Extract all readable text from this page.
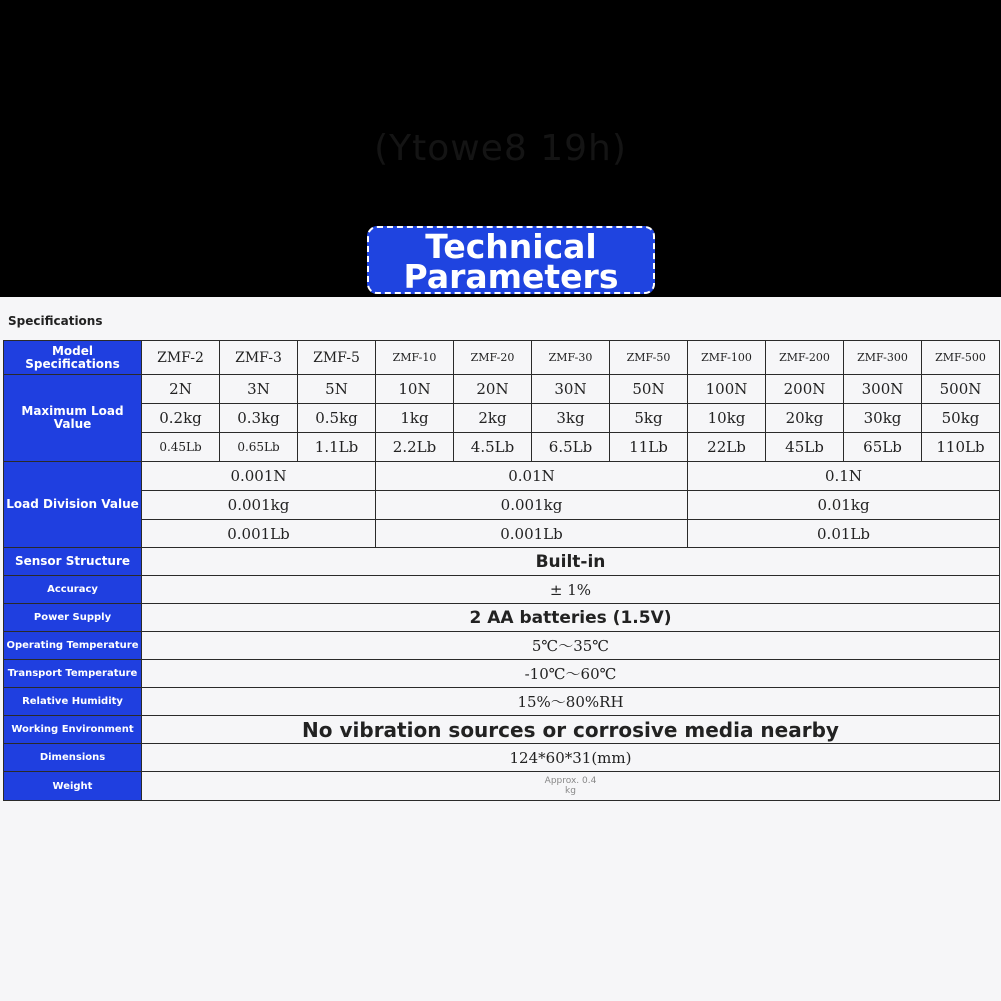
(Ytowe8 19h)
Technical
Parameters
Specifications
Model Specifications	ZMF-2	ZMF-3	ZMF-5	ZMF-10	ZMF-20	ZMF-30	ZMF-50	ZMF-100	ZMF-200	ZMF-300	ZMF-500
Maximum Load Value	2N	3N	5N	10N	20N	30N	50N	100N	200N	300N	500N
	0.2kg	0.3kg	0.5kg	1kg	2kg	3kg	5kg	10kg	20kg	30kg	50kg
	0.45Lb	0.65Lb	1.1Lb	2.2Lb	4.5Lb	6.5Lb	11Lb	22Lb	45Lb	65Lb	110Lb
Load Division Value	0.001N			0.01N				0.1N			
	0.001kg			0.001kg				0.01kg			
	0.001Lb			0.001Lb				0.01Lb			
Sensor Structure	Built-in										
Accuracy	± 1%										
Power Supply	2 AA batteries (1.5V)										
Operating Temperature	5℃～35℃										
Transport Temperature	-10℃～60℃										
Relative Humidity	15%～80%RH										
Working Environment	No vibration sources or corrosive media nearby										
Dimensions	124*60*31(mm)										
Weight	Approx. 0.4
kg										
